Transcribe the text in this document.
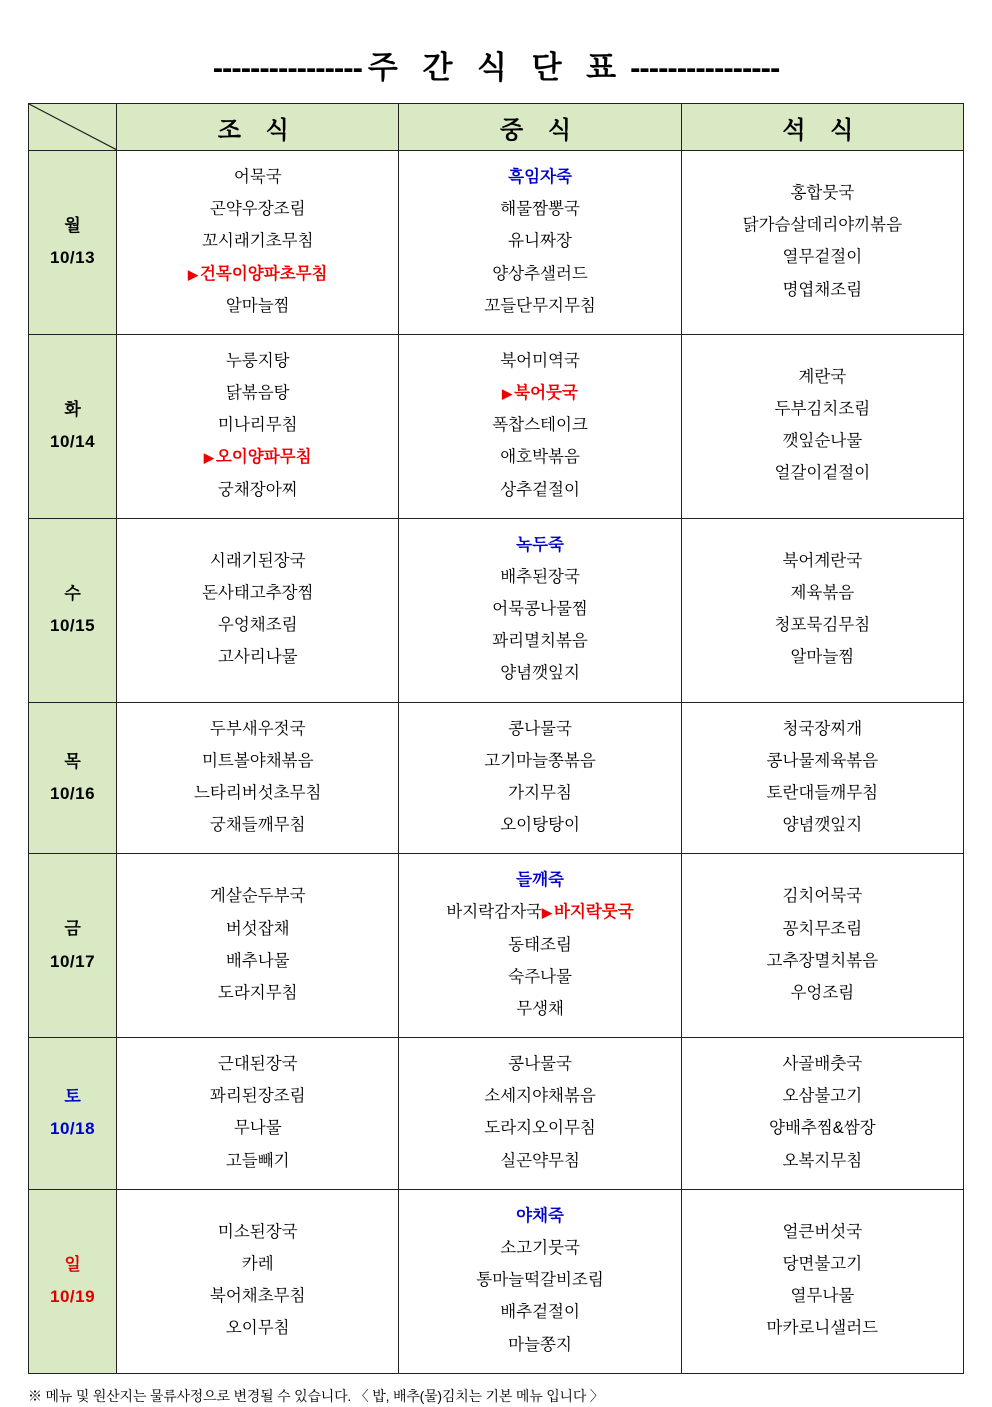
---------------- 주 간 식 단 표 ----------------
	조 식	중 식	석 식

월
10/13

어묵국
곤약우장조림
꼬시래기초무침
▶ 건목이양파초무침
알마늘찜

흑임자죽
해물짬뽕국
유니짜장
양상추샐러드
꼬들단무지무침

홍합뭇국
닭가슴살데리야끼볶음
열무겉절이
명엽채조림

화
10/14

누룽지탕
닭볶음탕
미나리무침
▶ 오이양파무침
궁채장아찌

북어미역국
▶ 북어뭇국
폭찹스테이크
애호박볶음
상추겉절이

계란국
두부김치조림
깻잎순나물
얼갈이겉절이

수
10/15

시래기된장국
돈사태고추장찜
우엉채조림
고사리나물

녹두죽
배추된장국
어묵콩나물찜
꽈리멸치볶음
양념깻잎지

북어계란국
제육볶음
청포묵김무침
알마늘찜

목
10/16

두부새우젓국
미트볼야채볶음
느타리버섯초무침
궁채들깨무침

콩나물국
고기마늘쫑볶음
가지무침
오이탕탕이

청국장찌개
콩나물제육볶음
토란대들깨무침
양념깻잎지

금
10/17

게살순두부국
버섯잡채
배추나물
도라지무침

들깨죽
바지락감자국▶ 바지락뭇국
동태조림
숙주나물
무생채

김치어묵국
꽁치무조림
고추장멸치볶음
우엉조림

토
10/18

근대된장국
꽈리된장조림
무나물
고들빼기

콩나물국
소세지야채볶음
도라지오이무침
실곤약무침

사골배춧국
오삼불고기
양배추찜&쌈장
오복지무침

일
10/19

미소된장국
카레
북어채초무침
오이무침

야채죽
소고기뭇국
통마늘떡갈비조림
배추겉절이
마늘쫑지

얼큰버섯국
당면불고기
열무나물
마카로니샐러드
※ 메뉴 및 원산지는 물류사정으로 변경될 수 있습니다. 〈 밥, 배추(물)김치는 기본 메뉴 입니다 〉
